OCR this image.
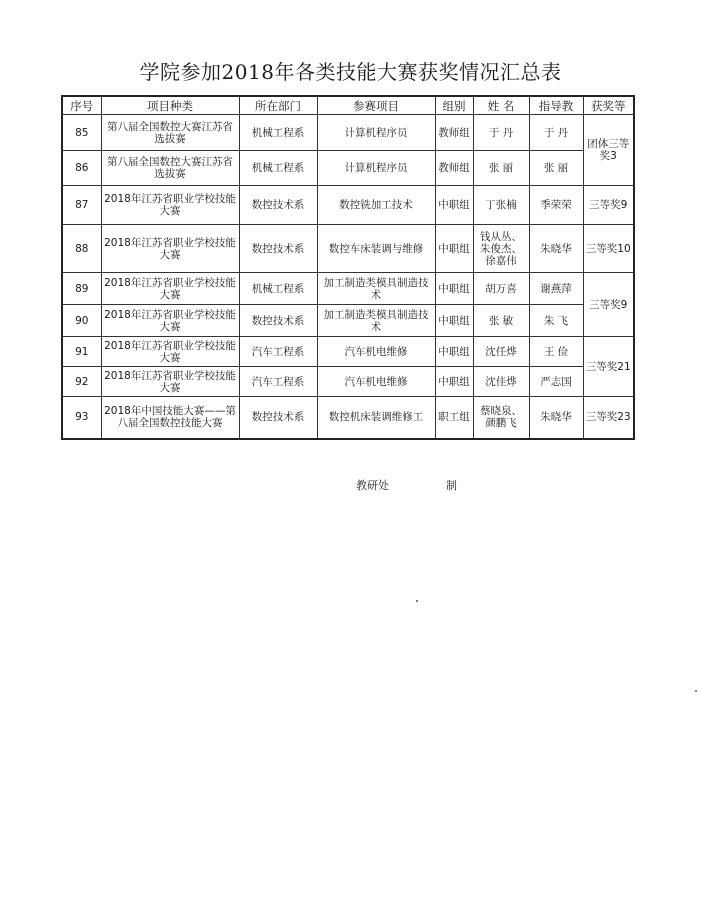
学院参加2018年各类技能大赛获奖情况汇总表
序号	项目种类	所在部门	参赛项目	组别	姓 名	指导教	获奖等
85	第八届全国数控大赛江苏省选拔赛	机械工程系	计算机程序员	教师组	于 丹	于 丹	团体三等奖3
86	第八届全国数控大赛江苏省选拔赛	机械工程系	计算机程序员	教师组	张 丽	张 丽	
87	2018年江苏省职业学校技能大赛	数控技术系	数控铣加工技术	中职组	丁张楠	季荣荣	三等奖9
88	2018年江苏省职业学校技能大赛	数控技术系	数控车床装调与维修	中职组	钱从丛、朱俊杰、徐嘉伟	朱晓华	三等奖10
89	2018年江苏省职业学校技能大赛	机械工程系	加工制造类模具制造技术	中职组	胡万喜	谢燕萍	三等奖9
90	2018年江苏省职业学校技能大赛	数控技术系	加工制造类模具制造技术	中职组	张 敏	朱 飞	
91	2018年江苏省职业学校技能大赛	汽车工程系	汽车机电维修	中职组	沈任烨	王 俭	三等奖21
92	2018年江苏省职业学校技能大赛	汽车工程系	汽车机电维修	中职组	沈佳烨	严志国	
93	2018年中国技能大赛——第八届全国数控技能大赛	数控技术系	数控机床装调维修工	职工组	蔡晓泉、颜鹏飞	朱晓华	三等奖23
教研处	制
